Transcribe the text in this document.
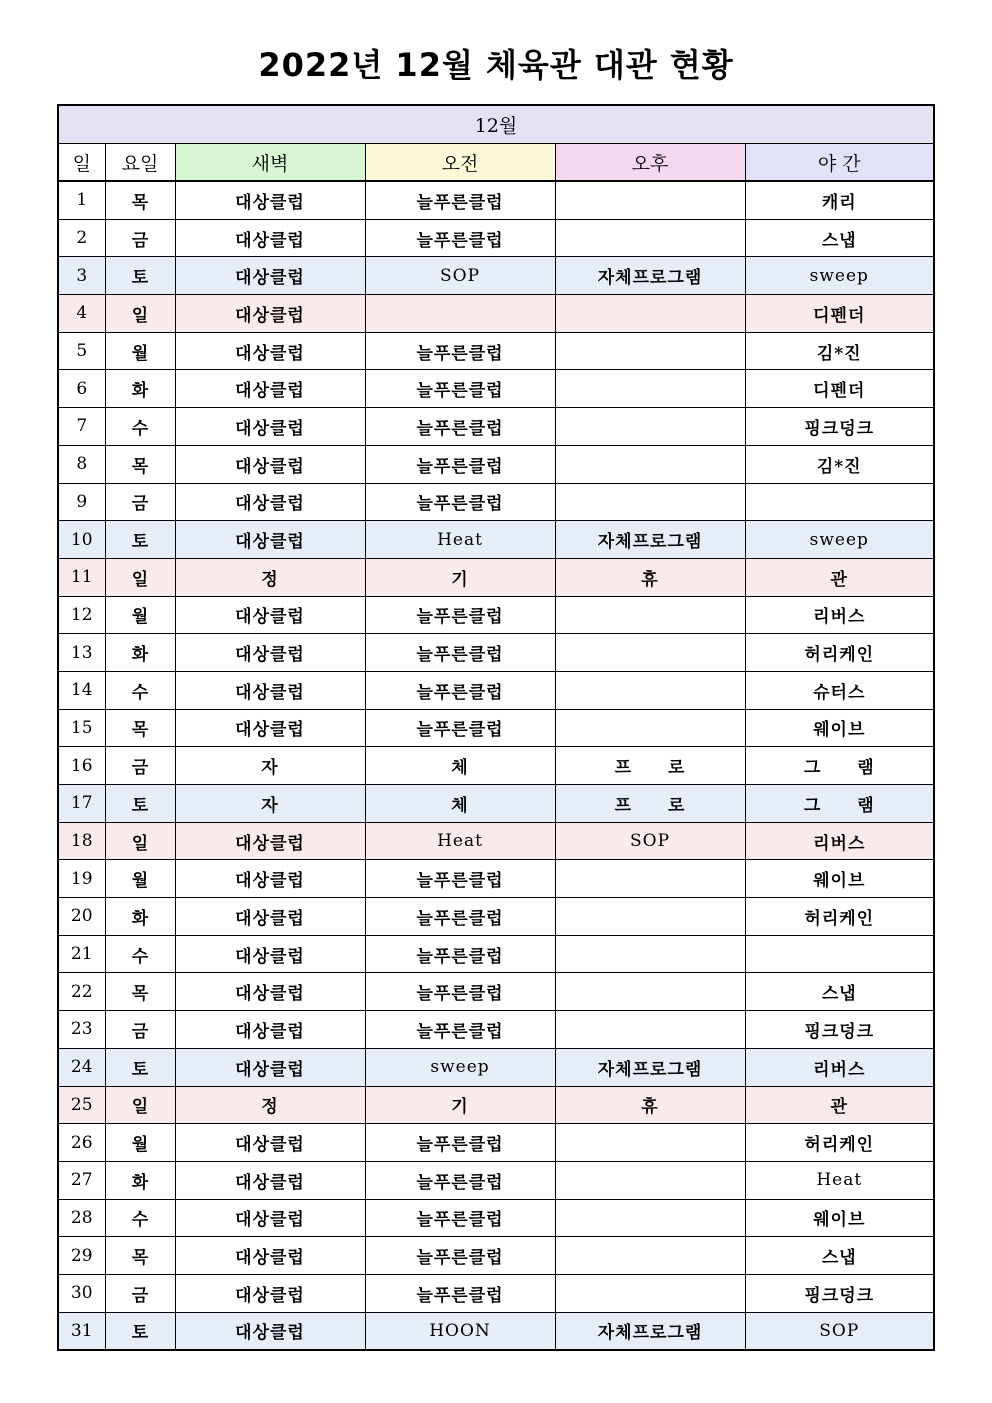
2022년 12월 체육관 대관 현황
12월					
일	요일	새벽	오전	오후	야 간
1	목	대상클럽	늘푸른클럽		캐리
2	금	대상클럽	늘푸른클럽		스냅
3	토	대상클럽	SOP	자체프로그램	sweep
4	일	대상클럽			디펜더
5	월	대상클럽	늘푸른클럽		김*진
6	화	대상클럽	늘푸른클럽		디펜더
7	수	대상클럽	늘푸른클럽		핑크덩크
8	목	대상클럽	늘푸른클럽		김*진
9	금	대상클럽	늘푸른클럽		
10	토	대상클럽	Heat	자체프로그램	sweep
11	일	정	기	휴	관
12	월	대상클럽	늘푸른클럽		리버스
13	화	대상클럽	늘푸른클럽		허리케인
14	수	대상클럽	늘푸른클럽		슈터스
15	목	대상클럽	늘푸른클럽		웨이브
16	금	자	체	프　　로	그　　램
17	토	자	체	프　　로	그　　램
18	일	대상클럽	Heat	SOP	리버스
19	월	대상클럽	늘푸른클럽		웨이브
20	화	대상클럽	늘푸른클럽		허리케인
21	수	대상클럽	늘푸른클럽		
22	목	대상클럽	늘푸른클럽		스냅
23	금	대상클럽	늘푸른클럽		핑크덩크
24	토	대상클럽	sweep	자체프로그램	리버스
25	일	정	기	휴	관
26	월	대상클럽	늘푸른클럽		허리케인
27	화	대상클럽	늘푸른클럽		Heat
28	수	대상클럽	늘푸른클럽		웨이브
29	목	대상클럽	늘푸른클럽		스냅
30	금	대상클럽	늘푸른클럽		핑크덩크
31	토	대상클럽	HOON	자체프로그램	SOP
